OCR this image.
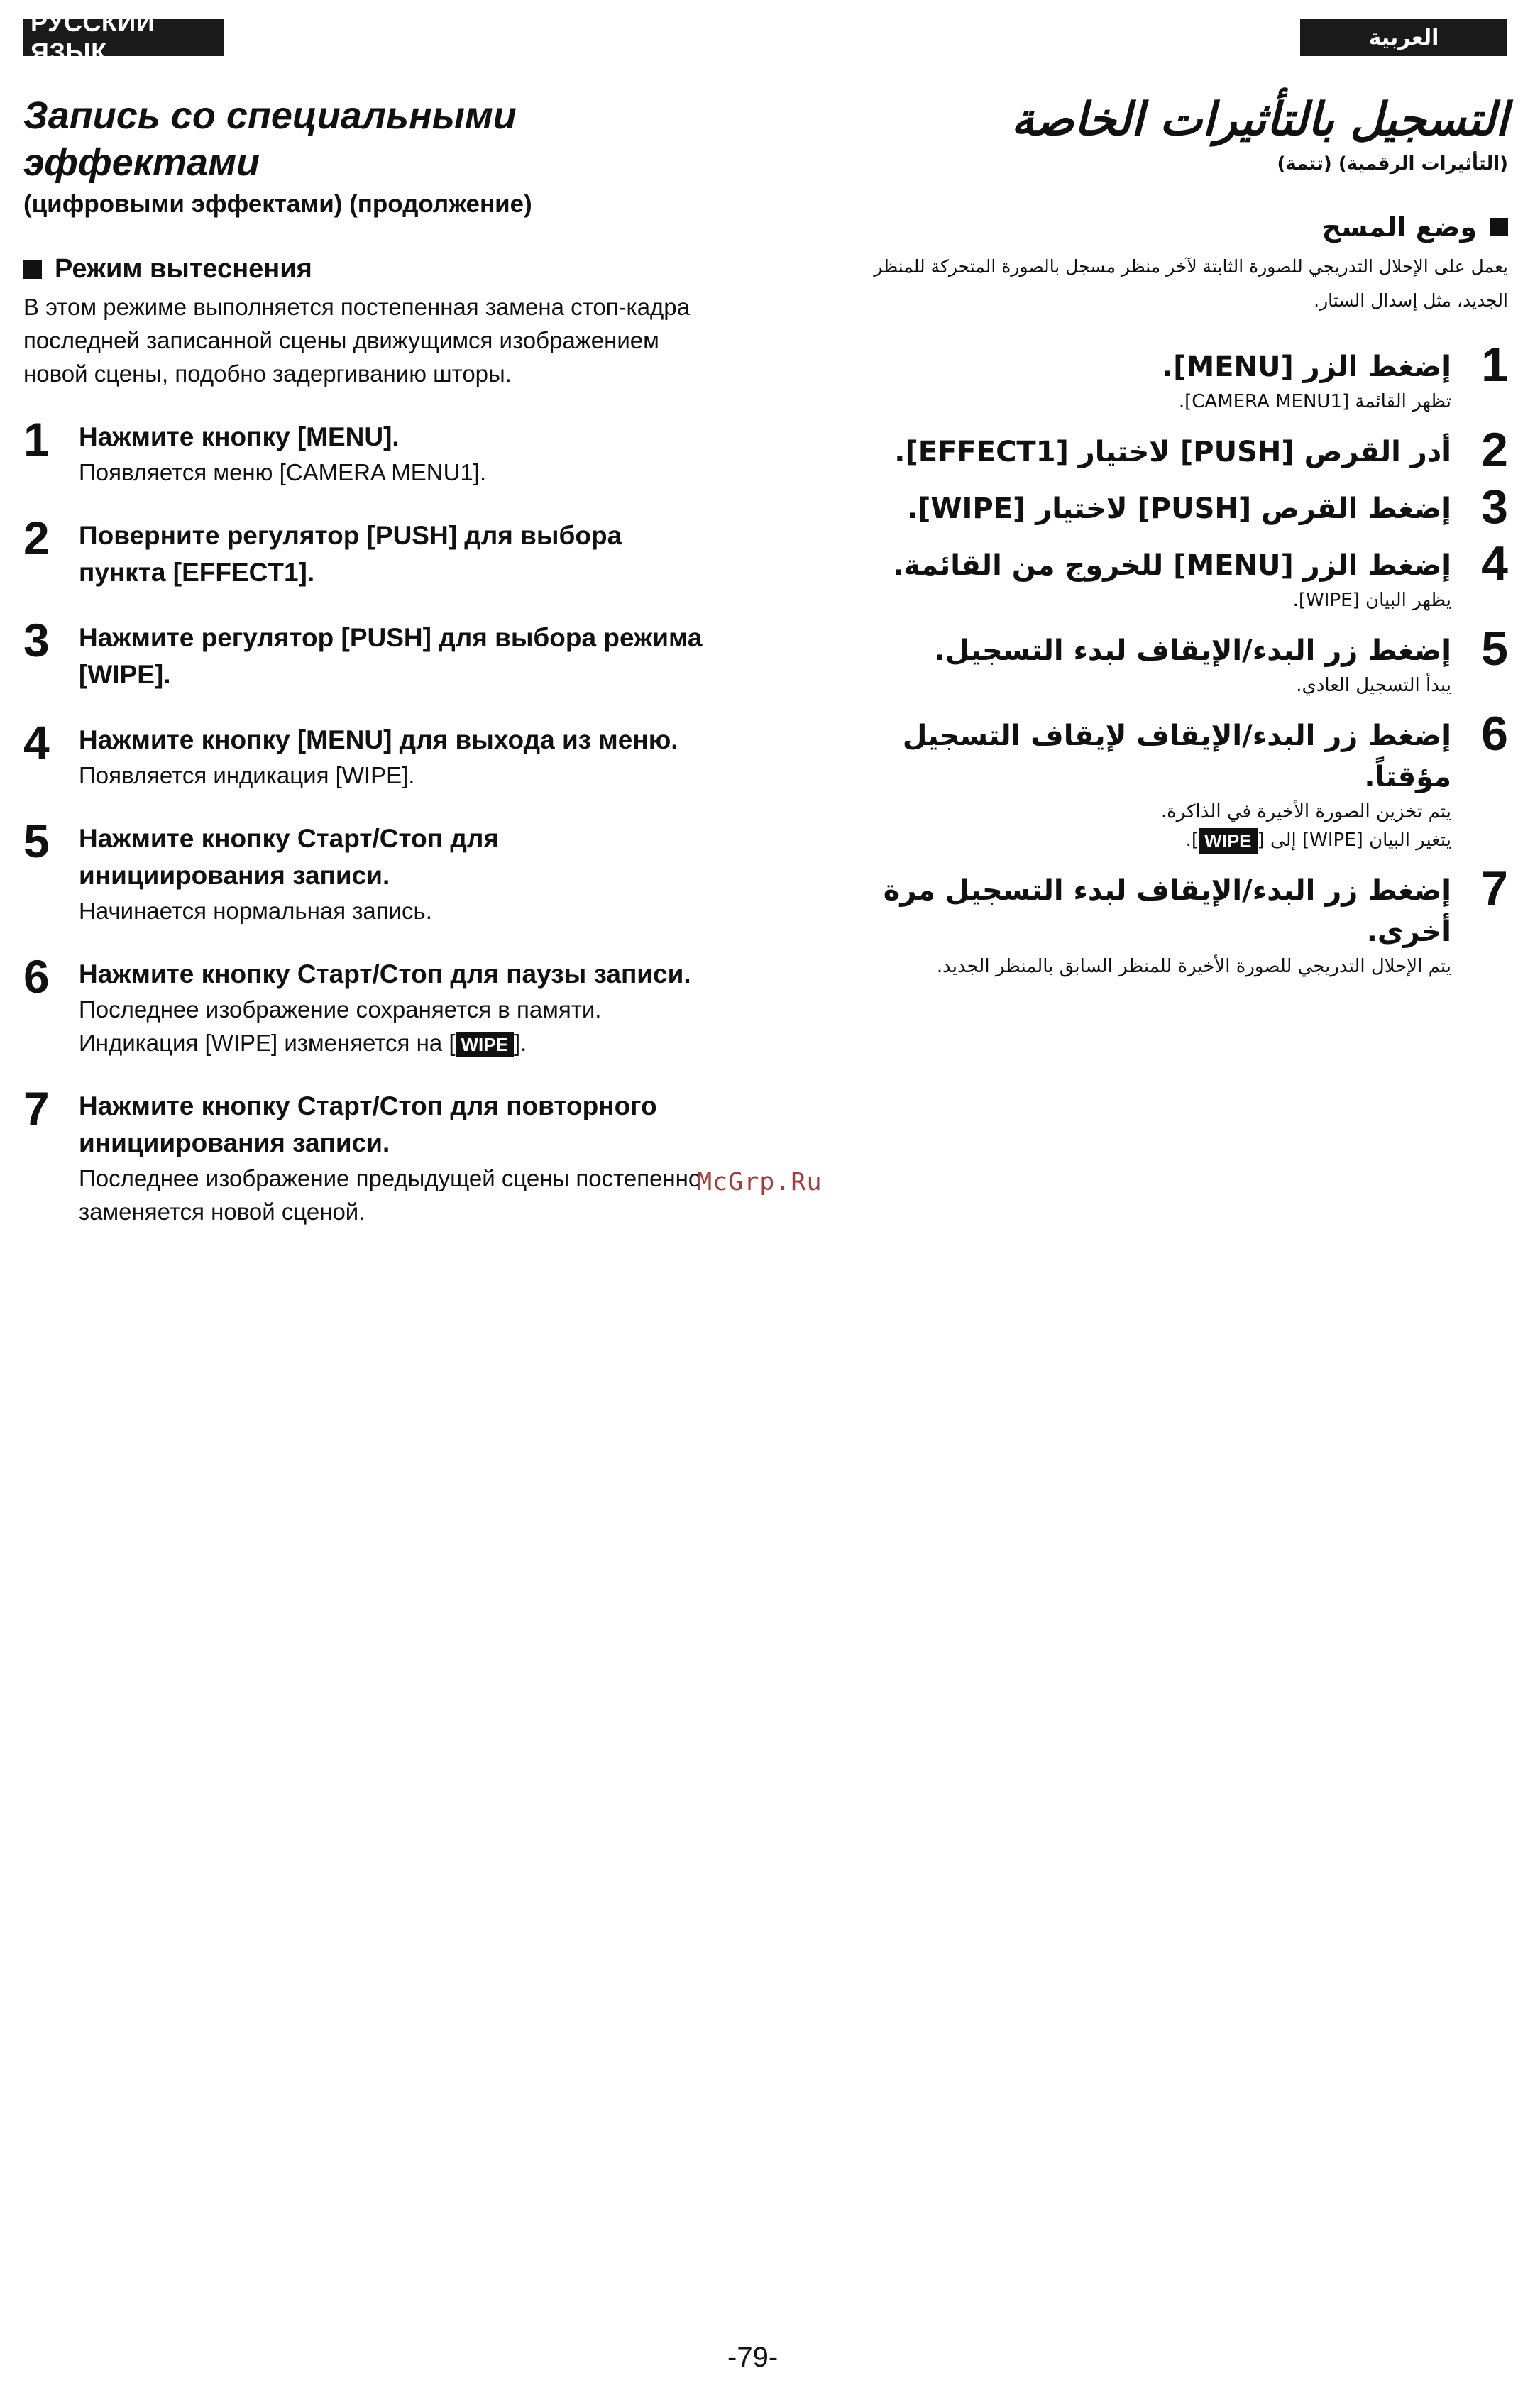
РУССКИЙ ЯЗЫК	العربية
Запись со специальными
эффектами
(цифровыми эффектами) (продолжение)
Режим вытеснения
В этом режиме выполняется постепенная замена стоп-кадра последней записанной сцены движущимся изображением новой сцены, подобно задергиванию шторы.
1 Нажмите кнопку [MENU].
Появляется меню [CAMERA MENU1].
2 Поверните регулятор [PUSH] для выбора пункта [EFFECT1].
3 Нажмите регулятор [PUSH] для выбора режима [WIPE].
4 Нажмите кнопку [MENU] для выхода из меню.
Появляется индикация [WIPE].
5 Нажмите кнопку Старт/Стоп для инициирования записи.
Начинается нормальная запись.
6 Нажмите кнопку Старт/Стоп для паузы записи.
Последнее изображение сохраняется в памяти.
Индикация [WIPE] изменяется на [ WIPE ].
7 Нажмите кнопку Старт/Стоп для повторного инициирования записи.
Последнее изображение предыдущей сцены постепенно заменяется новой сценой.
التسجيل بالتأثيرات الخاصة
(التأثيرات الرقمية) (تتمة)
وضع المسح
يعمل على الإحلال التدريجي للصورة الثابتة لآخر منظر مسجل بالصورة المتحركة للمنظر الجديد، مثل إسدال الستار.
1
إضغط الزر [MENU].
تظهر القائمة [CAMERA MENU1].
2
أدر القرص [PUSH] لاختيار [EFFECT1].
3
إضغط القرص [PUSH] لاختيار [WIPE].
4
إضغط الزر [MENU] للخروج من القائمة.
يظهر البيان [WIPE].
5
إضغط زر البدء/الإيقاف لبدء التسجيل.
يبدأ التسجيل العادي.
6
إضغط زر البدء/الإيقاف لإيقاف التسجيل مؤقتاً.
يتم تخزين الصورة الأخيرة في الذاكرة.
يتغير البيان [WIPE] إلى [WIPE].
7
إضغط زر البدء/الإيقاف لبدء التسجيل مرة أخرى.
يتم الإحلال التدريجي للصورة الأخيرة للمنظر السابق بالمنظر الجديد.
McGrp.Ru
-79-
